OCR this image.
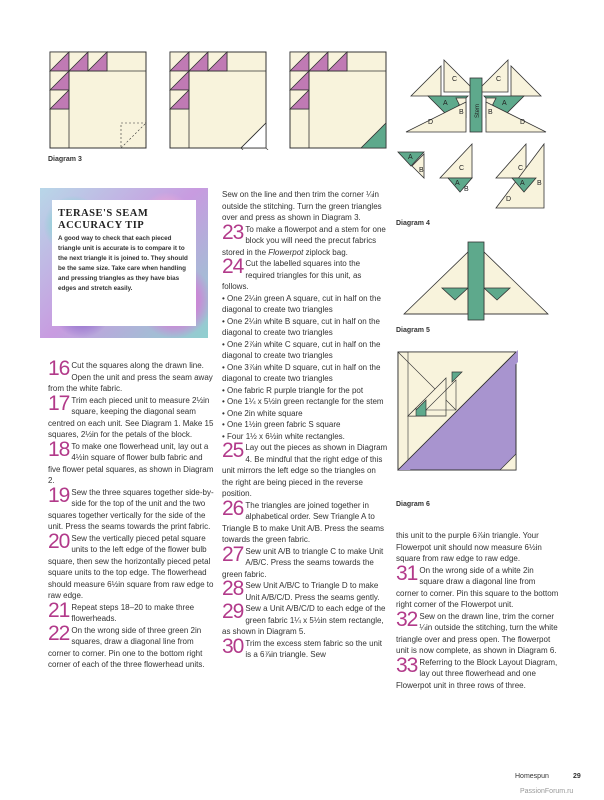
Diagram 3
C	C
A	A
B	B
D	D
Stem
A
B	C
A
B
C
A B
D
Diagram 4
Diagram 5
Diagram 6
TERASE'S SEAM ACCURACY TIP
A good way to check that each pieced triangle unit is accurate is to compare it to the next triangle it is joined to. They should be the same size. Take care when handling and pressing triangles as they have bias edges and stretch easily.

16 Cut the squares along the drawn line. Open the unit and press the seam away from the white fabric.

17 Trim each pieced unit to measure 2½in square, keeping the diagonal seam centred on each unit. See Diagram 1. Make 15 squares, 2½in for the petals of the block.

18 To make one flowerhead unit, lay out a 4½in square of flower bulb fabric and five flower petal squares, as shown in Diagram 2.

19 Sew the three squares together side-by-side for the top of the unit and the two squares together vertically for the side of the unit. Press the seams towards the print fabric.

20 Sew the vertically pieced petal square units to the left edge of the flower bulb square, then sew the horizontally pieced petal square units to the top edge. The flowerhead should measure 6½in square from raw edge to raw edge.

21 Repeat steps 18–20 to make three flowerheads.

22 On the wrong side of three green 2in squares, draw a diagonal line from corner to corner. Pin one to the bottom right corner of each of the three flowerhead units.

Sew on the line and then trim the corner ¼in outside the stitching. Turn the green triangles over and press as shown in Diagram 3.

23 To make a flowerpot and a stem for one block you will need the precut fabrics stored in the Flowerpot ziplock bag.

24 Cut the labelled squares into the required triangles for this unit, as follows.

• One 2¼in green A square, cut in half on the diagonal to create two triangles

• One 2¼in white B square, cut in half on the diagonal to create two triangles

• One 2⅞in white C square, cut in half on the diagonal to create two triangles

• One 3⅞in white D square, cut in half on the diagonal to create two triangles

• One fabric R purple triangle for the pot

• One 1¼ x 5½in green rectangle for the stem

• One 2in white square

• One 1½in green fabric S square

• Four 1½ x 6½in white rectangles.

25 Lay out the pieces as shown in Diagram 4. Be mindful that the right edge of this unit mirrors the left edge so the triangles on the right are being pieced in the reverse position.

26 The triangles are joined together in alphabetical order. Sew Triangle A to Triangle B to make Unit A/B. Press the seams towards the green fabric.

27 Sew unit A/B to triangle C to make Unit A/B/C. Press the seams towards the green fabric.

28 Sew Unit A/B/C to Triangle D to make Unit A/B/C/D. Press the seams gently.

29 Sew a Unit A/B/C/D to each edge of the green fabric 1¼ x 5½in stem rectangle, as shown in Diagram 5.

30 Trim the excess stem fabric so the unit is a 6⅞in triangle. Sew

this unit to the purple 6⅞in triangle. Your Flowerpot unit should now measure 6½in square from raw edge to raw edge.

31 On the wrong side of a white 2in square draw a diagonal line from corner to corner. Pin this square to the bottom right corner of the Flowerpot unit.

32 Sew on the drawn line, trim the corner ¼in outside the stitching, turn the white triangle over and press open. The flowerpot unit is now complete, as shown in Diagram 6.

33 Referring to the Block Layout Diagram, lay out three flowerhead and one Flowerpot unit in three rows of three.

Homespun	29
PassionForum.ru
